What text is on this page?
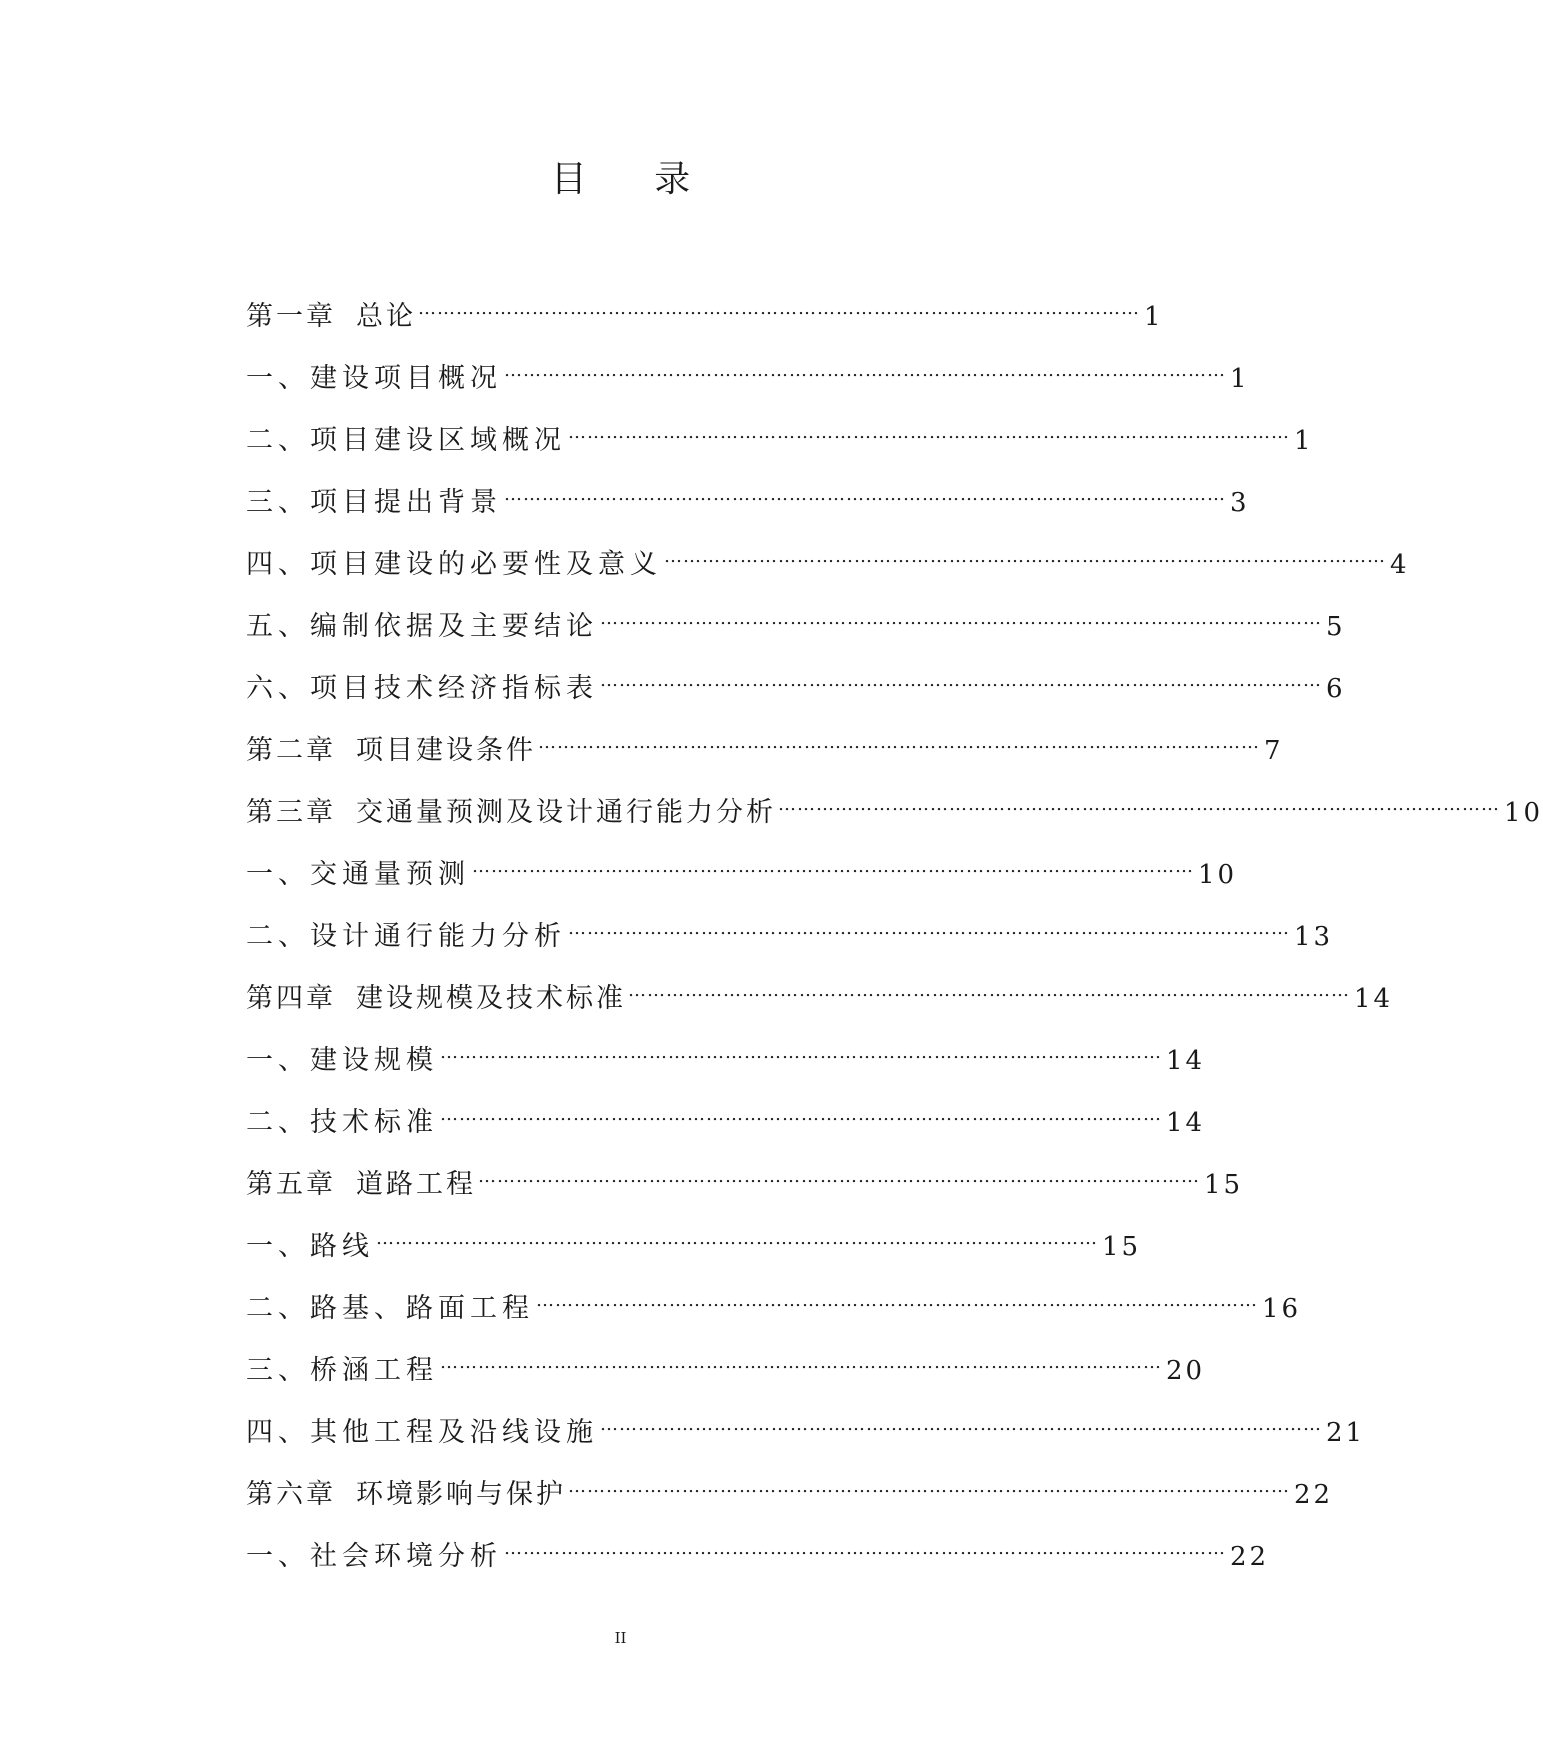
目 录
第一章 总论 …………………………………………………………………………………………………… 1
一、建设项目概况 …………………………………………………………………………………………………… 1
二、项目建设区域概况 …………………………………………………………………………………………………… 1
三、项目提出背景 …………………………………………………………………………………………………… 3
四、项目建设的必要性及意义 …………………………………………………………………………………………………… 4
五、编制依据及主要结论 …………………………………………………………………………………………………… 5
六、项目技术经济指标表 …………………………………………………………………………………………………… 6
第二章 项目建设条件 …………………………………………………………………………………………………… 7
第三章 交通量预测及设计通行能力分析 …………………………………………………………………………………………………… 10
一、交通量预测 …………………………………………………………………………………………………… 10
二、设计通行能力分析 …………………………………………………………………………………………………… 13
第四章 建设规模及技术标准 …………………………………………………………………………………………………… 14
一、建设规模 …………………………………………………………………………………………………… 14
二、技术标准 …………………………………………………………………………………………………… 14
第五章 道路工程 …………………………………………………………………………………………………… 15
一、路线 …………………………………………………………………………………………………… 15
二、路基、路面工程 …………………………………………………………………………………………………… 16
三、桥涵工程 …………………………………………………………………………………………………… 20
四、其他工程及沿线设施 …………………………………………………………………………………………………… 21
第六章 环境影响与保护 …………………………………………………………………………………………………… 22
一、社会环境分析 …………………………………………………………………………………………………… 22
II
